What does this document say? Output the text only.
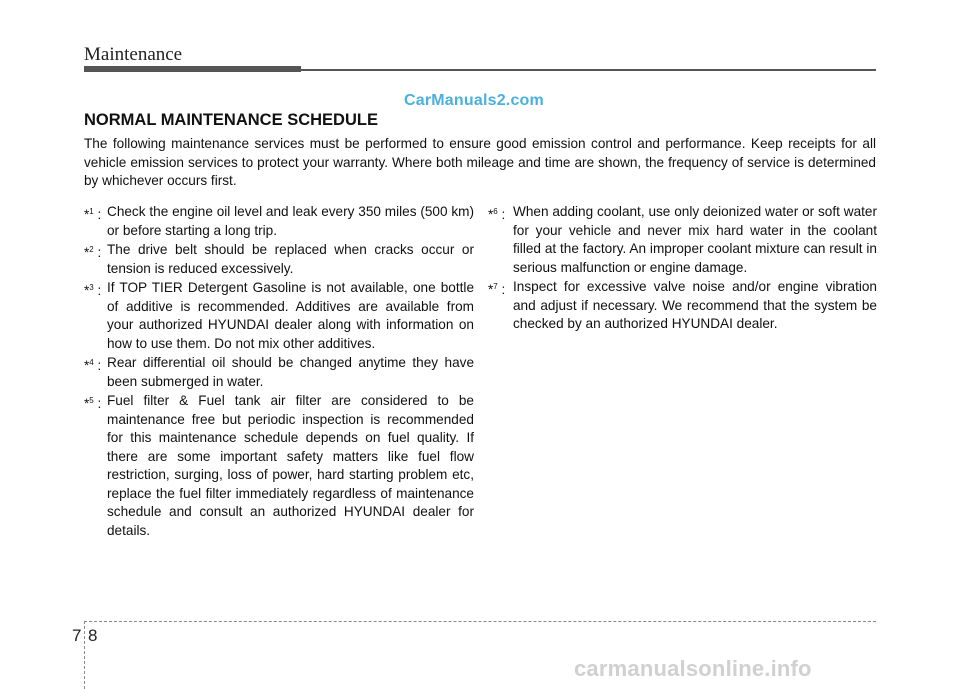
Maintenance
CarManuals2.com
NORMAL MAINTENANCE SCHEDULE
The following maintenance services must be performed to ensure good emission control and performance. Keep receipts for all vehicle emission services to protect your warranty. Where both mileage and time are shown, the frequency of service is determined by whichever occurs first.
*$^1$ : Check the engine oil level and leak every 350 miles (500 km) or before starting a long trip.
*$^2$ : The drive belt should be replaced when cracks occur or tension is reduced excessively.
*$^3$ : If TOP TIER Detergent Gasoline is not available, one bottle of additive is recommended. Additives are available from your authorized HYUNDAI dealer along with information on how to use them. Do not mix other additives.
*$^4$ : Rear differential oil should be changed anytime they have been submerged in water.
*$^5$ : Fuel filter & Fuel tank air filter are considered to be maintenance free but periodic inspection is recommended for this maintenance schedule depends on fuel quality. If there are some important safety matters like fuel flow restriction, surging, loss of power, hard starting problem etc, replace the fuel filter immediately regardless of maintenance schedule and consult an authorized HYUNDAI dealer for details.
*$^6$ : When adding coolant, use only deionized water or soft water for your vehicle and never mix hard water in the coolant filled at the factory. An improper coolant mixture can result in serious malfunction or engine damage.
*$^7$ : Inspect for excessive valve noise and/or engine vibration and adjust if necessary. We recommend that the system be checked by an authorized HYUNDAI dealer.
7 8
carmanualsonline.info
